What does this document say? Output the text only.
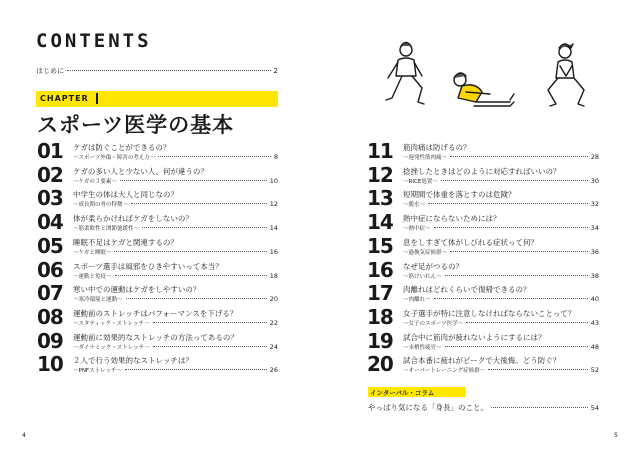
CONTENTS
はじめに	2
CHAPTER
スポーツ医学の基本
01 ケガは防ぐことができるの？
〜スポーツ外傷・障害の考え方〜	8
02 ケガの多い人と少ない人、何が違うの？
〜ケガの３要素〜	10
03 中学生の体は大人と同じなの？
〜成長期の骨の特徴〜	12
04 体が柔らかければケガをしないの？
〜筋柔軟性と関節弛緩性〜	14
05 睡眠不足はケガと関連するの？
〜ケガと睡眠〜	16
06 スポーツ選手は風邪をひきやすいって本当？
〜運動と免疫〜	18
07 寒い中での運動はケガをしやすいの？
〜寒冷環境と運動〜	20
08 運動前のストレッチはパフォーマンスを下げる？
〜スタティック・ストレッチ〜	22
09 運動前に効果的なストレッチの方法ってあるの？
〜ダイナミック・ストレッチ〜	24
10 ２人で行う効果的なストレッチは？
〜PNFストレッチ〜	26
11 筋肉痛は防げるの？
〜遅発性筋肉痛〜	28
12 捻挫したときはどのように対応すればいいの？
〜RICE処置〜	30
13 短期間で体重を落とすのは危険？
〜脱水〜	32
14 熱中症にならないためには？
〜熱中症〜	34
15 息をしすぎて体がしびれる症状って何？
〜過換気症候群〜	36
16 なぜ足がつるの？
〜筋けいれん〜	38
17 肉離れはどれくらいで復帰できるの？
〜肉離れ〜	40
18 女子選手が特に注意しなければならないことって？
〜女子のスポーツ医学〜	43
19 試合中に筋肉が疲れないようにするには？
〜末梢性疲労〜	48
20 試合本番に疲れがピークで大後悔。どう防ぐ？
〜オーバートレーニング症候群〜	52
インターバル・コラム
やっぱり気になる「身長」のこと。	54
4	5
